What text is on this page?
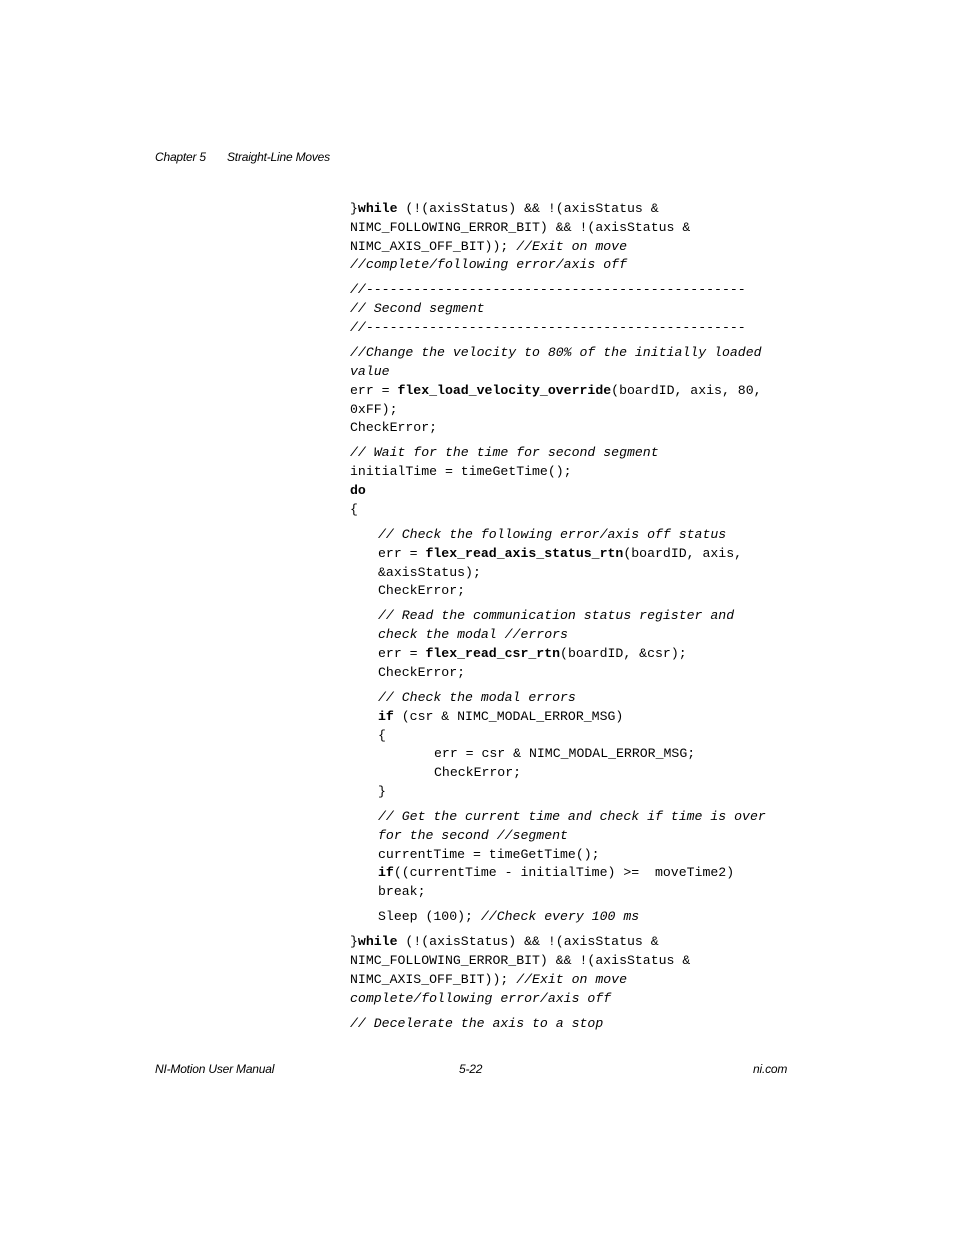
Chapter 5 Straight-Line Moves
}while (!(axisStatus) && !(axisStatus &
NIMC_FOLLOWING_ERROR_BIT) && !(axisStatus &
NIMC_AXIS_OFF_BIT)); //Exit on move
//complete/following error/axis off
//------------------------------------------------
// Second segment
//------------------------------------------------
//Change the velocity to 80% of the initially loaded
value
err = flex_load_velocity_override(boardID, axis, 80,
0xFF);
CheckError;
// Wait for the time for second segment
initialTime = timeGetTime();
do
{
// Check the following error/axis off status
err = flex_read_axis_status_rtn(boardID, axis,
&axisStatus);
CheckError;
// Read the communication status register and
check the modal //errors
err = flex_read_csr_rtn(boardID, &csr);
CheckError;
// Check the modal errors
if (csr & NIMC_MODAL_ERROR_MSG)
{
err = csr & NIMC_MODAL_ERROR_MSG;
CheckError;
}
// Get the current time and check if time is over
for the second //segment
currentTime = timeGetTime();
if((currentTime - initialTime) >=  moveTime2)
break;
Sleep (100); //Check every 100 ms
}while (!(axisStatus) && !(axisStatus &
NIMC_FOLLOWING_ERROR_BIT) && !(axisStatus &
NIMC_AXIS_OFF_BIT)); //Exit on move
complete/following error/axis off
// Decelerate the axis to a stop
NI-Motion User Manual	5-22	ni.com
